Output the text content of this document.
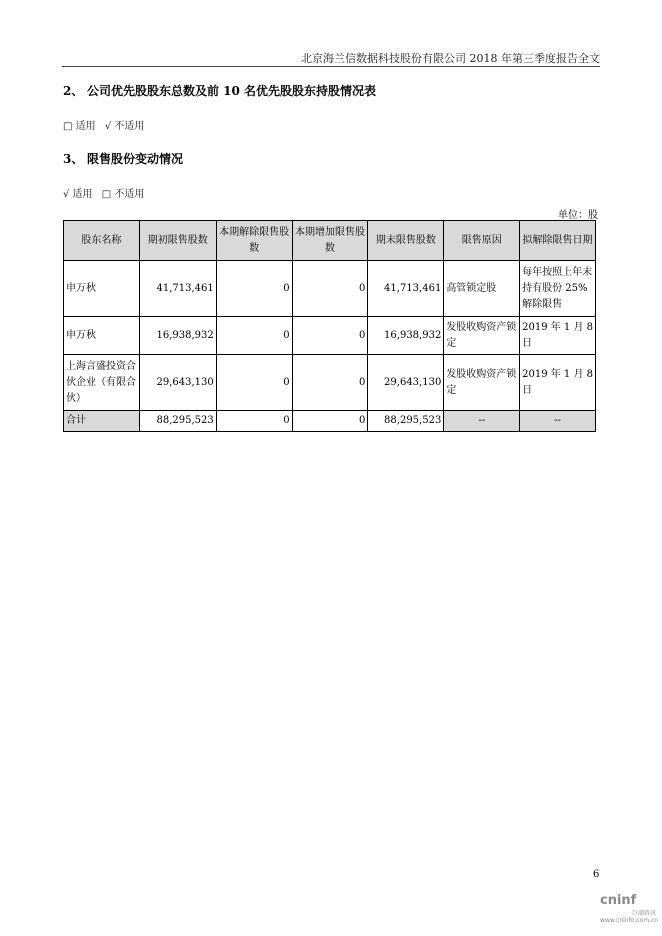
北京海兰信数据科技股份有限公司 2018 年第三季度报告全文
2、 公司优先股股东总数及前 10 名优先股股东持股情况表
□ 适用 √ 不适用
3、 限售股份变动情况
√ 适用 □ 不适用
单位：股
股东名称	期初限售股数	本期解除限售股数	本期增加限售股数	期末限售股数	限售原因	拟解除限售日期
申万秋	41,713,461	0	0	41,713,461	高管锁定股	每年按照上年末持有股份 25%解除限售
申万秋	16,938,932	0	0	16,938,932	发股收购资产锁定	2019 年 1 月 8 日
上海言盛投资合伙企业（有限合伙）	29,643,130	0	0	29,643,130	发股收购资产锁定	2019 年 1 月 8 日
合计	88,295,523	0	0	88,295,523	--	--
6
cninf
巨潮资讯
www.cninfo.com.cn
